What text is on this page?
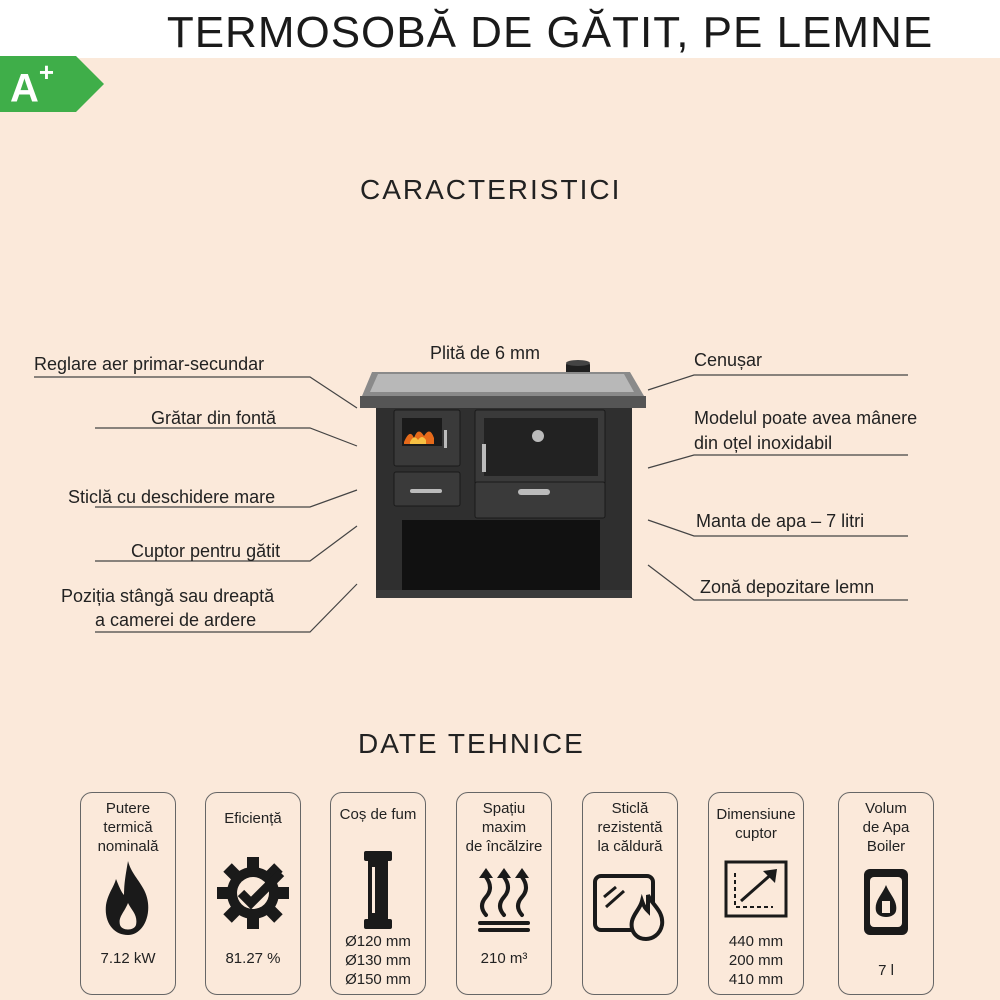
TERMOSOBĂ DE GĂTIT, PE LEMNE
A+
CARACTERISTICI
Plită de 6 mm
Reglare aer primar-secundar
Grătar din fontă
Sticlă cu deschidere mare
Cuptor pentru gătit
Poziția stângă sau dreaptă
a camerei de ardere
Cenușar
Modelul poate avea mânere
din oțel inoxidabil
Manta de apa – 7 litri
Zonă depozitare lemn
DATE TEHNICE
Putere
termică
nominală
7.12 kW
Eficiență
81.27 %
Coș de fum
Ø120 mm
Ø130 mm
Ø150 mm
Spațiu
maxim
de încălzire
210 m³
Sticlă
rezistentă
la căldură
Dimensiune
cuptor
440 mm
200 mm
410 mm
Volum
de Apa
Boiler
7 l
